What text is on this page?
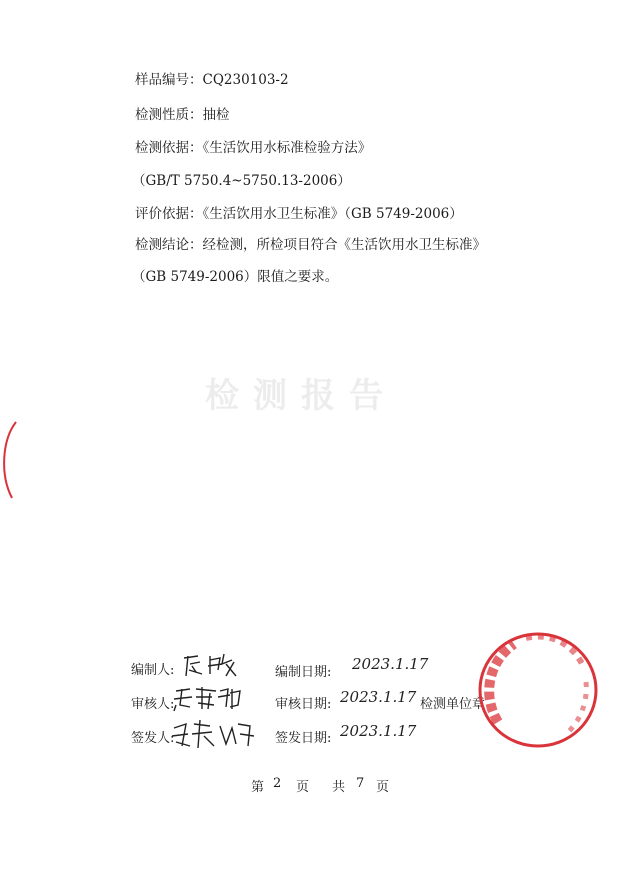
检测报告
样品编号：CQ230103-2
检测性质：抽检
检测依据：《生活饮用水标准检验方法》
（GB/T 5750.4~5750.13-2006）
评价依据：《生活饮用水卫生标准》（GB 5749-2006）
检测结论：经检测，所检项目符合《生活饮用水卫生标准》
（GB 5749-2006）限值之要求。
编制人:	编制日期: 2023.1.17
审核人:	审核日期: 2023.1.17 检测单位章
签发人:	签发日期: 2023.1.17
第 2 页 共 7 页
